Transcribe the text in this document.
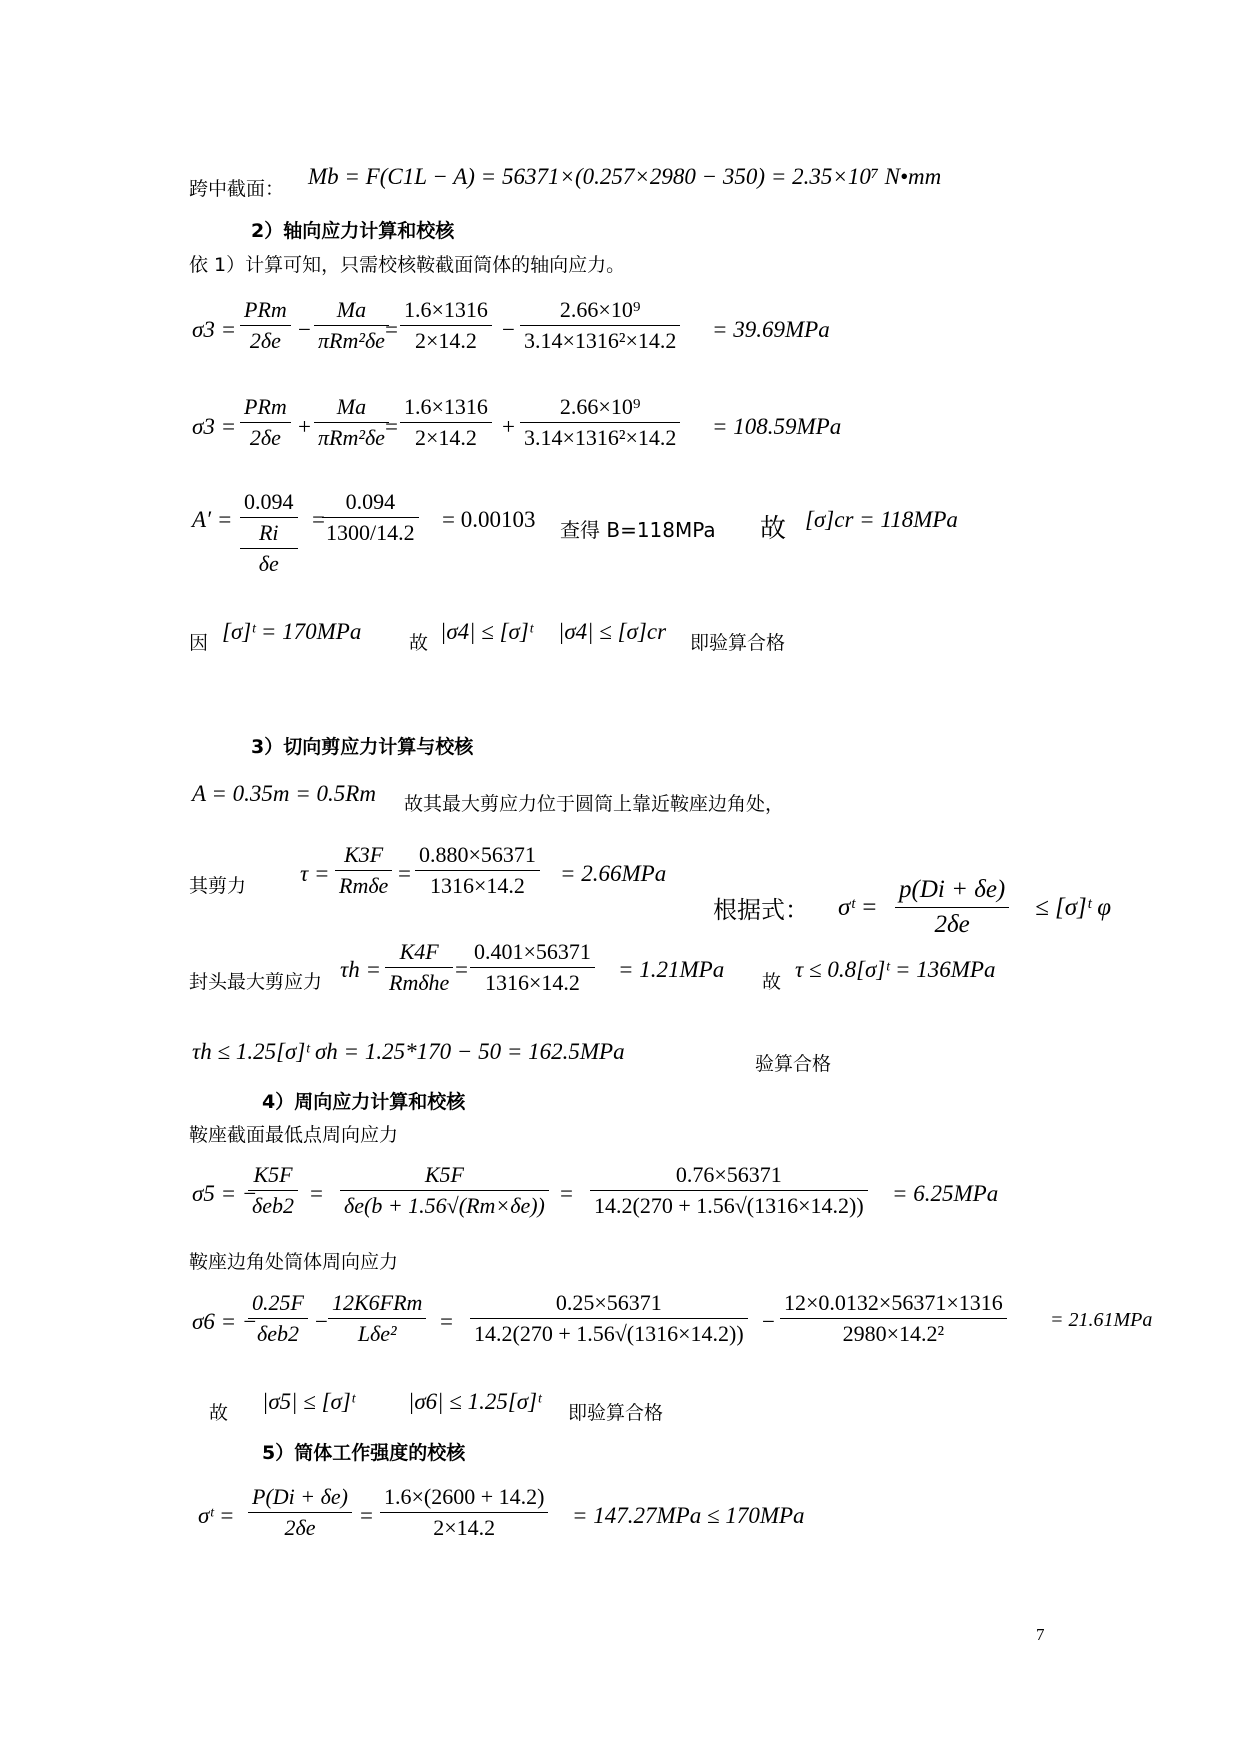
跨中截面： Mb = F(C1L − A) = 56371×(0.257×2980 − 350) = 2.35×10⁷ N•mm
2）轴向应力计算和校核
依 1）计算可知，只需校核鞍截面筒体的轴向应力。
σ3 =
PRm
2δe −
Ma
$\pi Rm^2\delta e = \frac{1.6\times 1316}{2\times 14.2} - \frac{\text{2.66×10⁹}}{\text{3.14×1316²×14.2}} = 39.69MPa$
σ3 =
PRm
2δe +
Ma
$\pi Rm^2\delta e = \frac{1.6\times 1316}{2\times 14.2} + \frac{\text{2.66×10⁹}}{\text{3.14×1316²×14.2}} = 108.59MPa$
A′ =
0.094
Ri
δe
=
$\frac{0.094}{1300/14.2} = 0.00103$ 查得 B=118MPa 故 [σ]cr = 118MPa
因 [σ]ᵗ = 170MPa	故 |σ4| ≤ [σ]ᵗ |σ4| ≤ [σ]cr 即验算合格
3）切向剪应力计算与校核
A = 0.35m = 0.5Rm 故其最大剪应力位于圆筒上靠近鞍座边角处，
其剪力 τ =
K3F
$Rm\delta e = \frac{0.880\times 56371}{1316\times 14.2} = 2.66MPa$
根据式： σᵗ = $\frac{p(Di + \delta e)}{2\delta e}$ ≤ [σ]ᵗ φ
封头最大剪应力 τh =
K4F
Rmδhe
= $\frac{0.401\times 56371}{1316\times 14.2} = 1.21MPa$ 故 τ ≤ 0.8[σ]ᵗ = 136MPa
τh ≤ 1.25[σ]ᵗ σh = 1.25*170 − 50 = 162.5MPa	验算合格
4）周向应力计算和校核
鞍座截面最低点周向应力
σ5 = −
K5F
$\delta eb2 = \frac{K5F}{\delta e(b + 1.56√(Rm\times\delta e))} = \frac{0.76\times 56371}{14.2(270 + 1.56√(1316\times 14.2))} = 6.25MPa$
鞍座边角处筒体周向应力
σ6 = −
0.25F
δeb2 −
12K6FRm
Lδe²	= $\frac{0.25\times 56371}{14.2(270 + 1.56√(1316\times 14.2))} - \frac{12\times 0.0132\times 56371\times 1316}{\text{2980×14.2²}} = 21.61MPa$
故 |σ5| ≤ [σ]ᵗ |σ6| ≤ 1.25[σ]ᵗ 即验算合格
5）筒体工作强度的校核
σᵗ = $\frac{P(Di + \delta e)}{2\delta e} = \frac{1.6\times(2600 + 14.2)}{2\times 14.2} = 147.27MPa \le 170MPa$
7
